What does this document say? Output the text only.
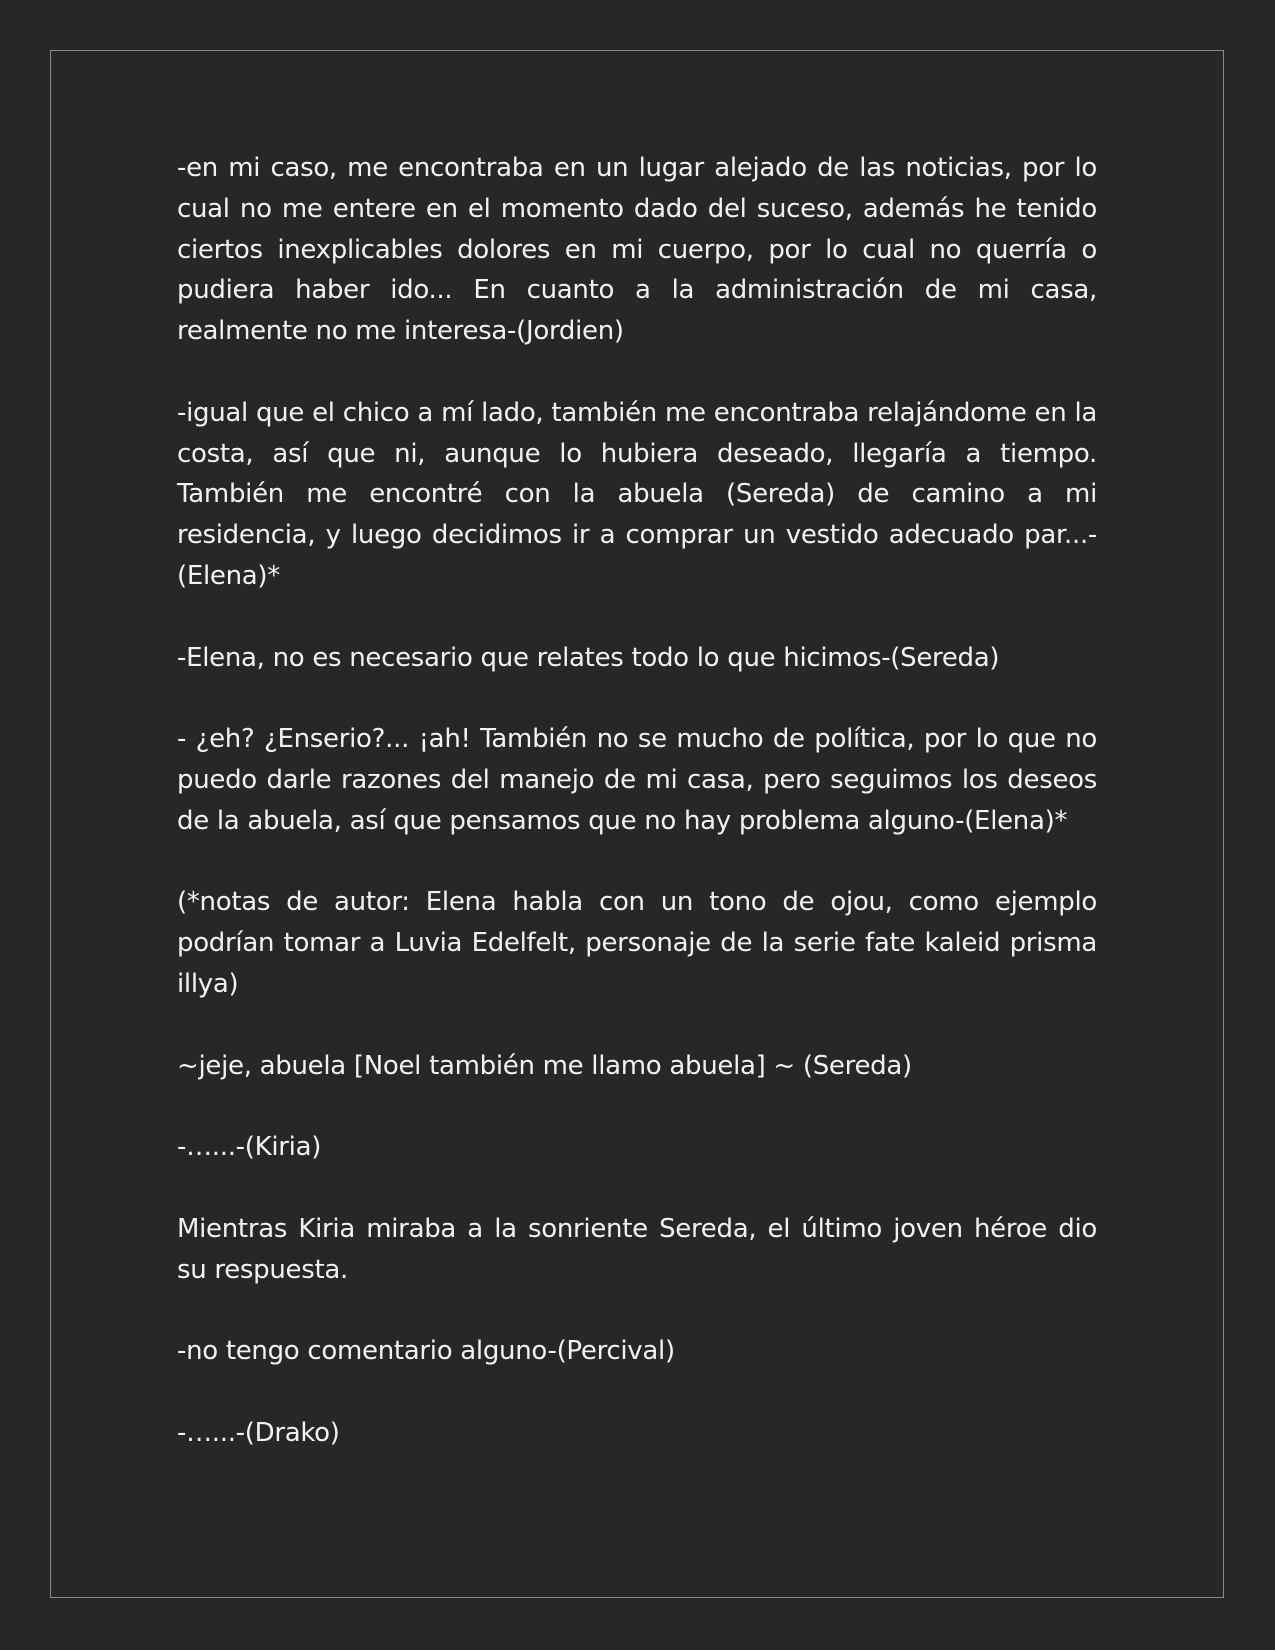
-en mi caso, me encontraba en un lugar alejado de las noticias, por lo cual no me entere en el momento dado del suceso, además he tenido ciertos inexplicables dolores en mi cuerpo, por lo cual no querría o pudiera haber ido... En cuanto a la administración de mi casa, realmente no me interesa-(Jordien)

-igual que el chico a mí lado, también me encontraba relajándome en la costa, así que ni, aunque lo hubiera deseado, llegaría a tiempo. También me encontré con la abuela (Sereda) de camino a mi residencia, y luego decidimos ir a comprar un vestido adecuado par...-(Elena)*

-Elena, no es necesario que relates todo lo que hicimos-(Sereda)

- ¿eh? ¿Enserio?... ¡ah! También no se mucho de política, por lo que no puedo darle razones del manejo de mi casa, pero seguimos los deseos de la abuela, así que pensamos que no hay problema alguno-(Elena)*

(*notas de autor: Elena habla con un tono de ojou, como ejemplo podrían tomar a Luvia Edelfelt, personaje de la serie fate kaleid prisma illya)

~jeje, abuela [Noel también me llamo abuela] ~ (Sereda)

-…...-(Kiria)

Mientras Kiria miraba a la sonriente Sereda, el último joven héroe dio su respuesta.

-no tengo comentario alguno-(Percival)

-…...-(Drako)
